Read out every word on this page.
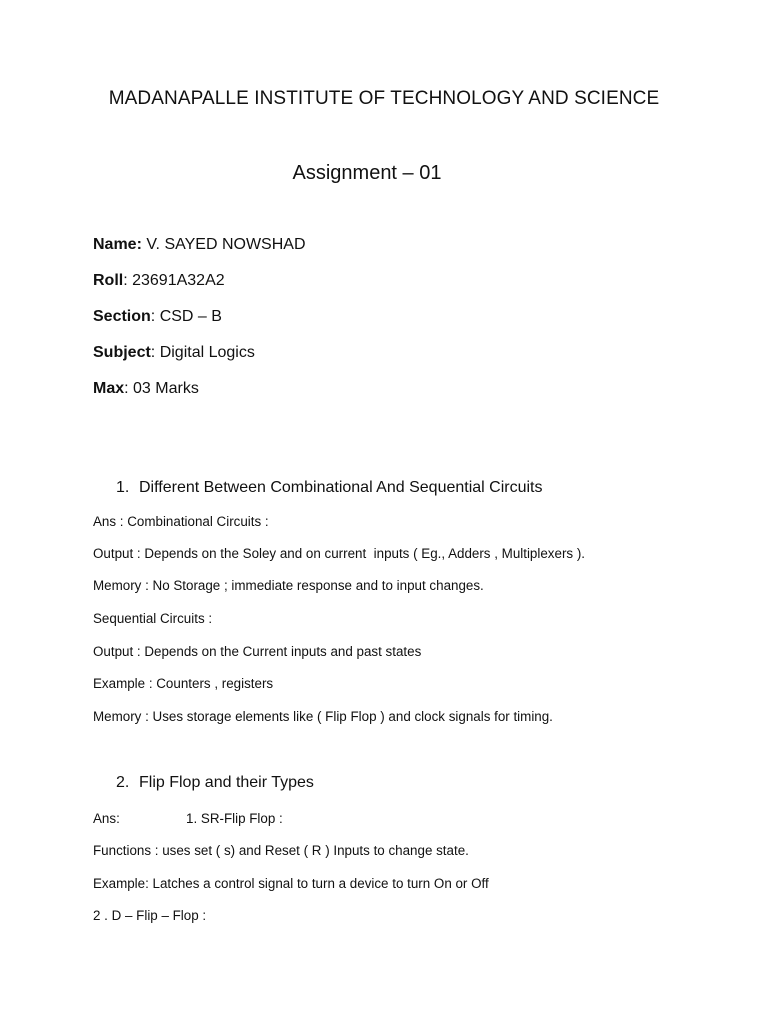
MADANAPALLE INSTITUTE OF TECHNOLOGY AND SCIENCE
Assignment – 01
Name: V. SAYED NOWSHAD
Roll: 23691A32A2
Section: CSD – B
Subject: Digital Logics
Max: 03 Marks
1. Different Between Combinational And Sequential Circuits
Ans : Combinational Circuits :
Output : Depends on the Soley and on current  inputs ( Eg., Adders , Multiplexers ).
Memory : No Storage ; immediate response and to input changes.
Sequential Circuits :
Output : Depends on the Current inputs and past states
Example : Counters , registers
Memory : Uses storage elements like ( Flip Flop ) and clock signals for timing.
2. Flip Flop and their Types
Ans:	1. SR-Flip Flop :
Functions : uses set ( s) and Reset ( R ) Inputs to change state.
Example: Latches a control signal to turn a device to turn On or Off
2 . D – Flip – Flop :
